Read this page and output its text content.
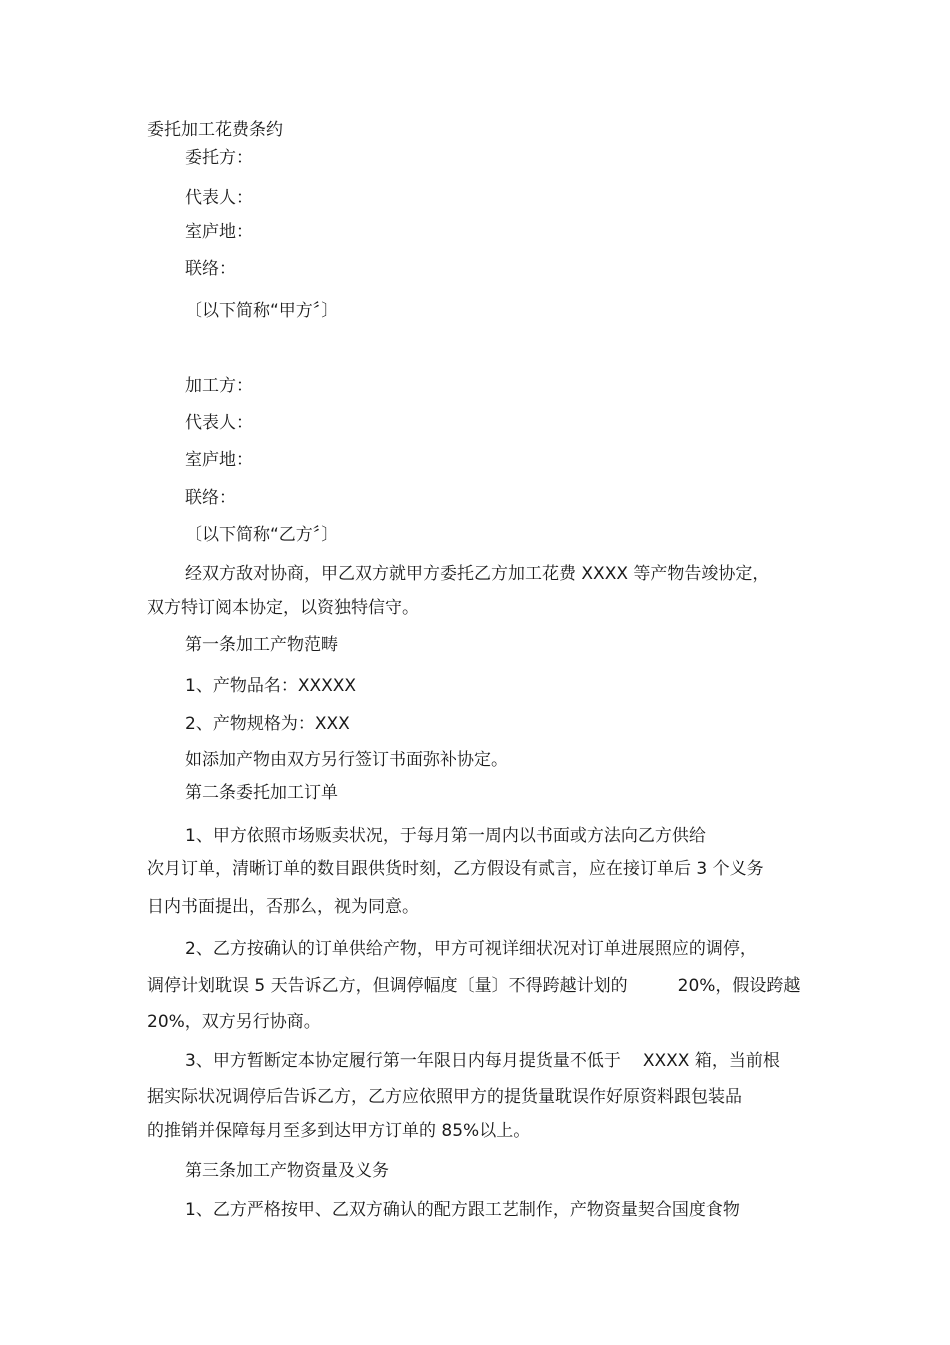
委托加工花费条约
委托方：
代表人：
室庐地：
联络：
〔以下简称“甲方〞〕
加工方：
代表人：
室庐地：
联络：
〔以下简称“乙方〞〕
经双方敌对协商，甲乙双方就甲方委托乙方加工花费 XXXX 等产物告竣协定，
双方特订阅本协定，以资独特信守。
第一条加工产物范畴
1、产物品名：XXXXX
2、产物规格为：XXX
如添加产物由双方另行签订书面弥补协定。
第二条委托加工订单
1、甲方依照市场贩卖状况，于每月第一周内以书面或方法向乙方供给
次月订单，清晰订单的数目跟供货时刻，乙方假设有贰言，应在接订单后 3 个义务
日内书面提出，否那么，视为同意。
2、乙方按确认的订单供给产物，甲方可视详细状况对订单进展照应的调停，
调停计划耽误 5 天告诉乙方，但调停幅度〔量〕不得跨越计划的	20%，假设跨越
20%，双方另行协商。
3、甲方暂断定本协定履行第一年限日内每月提货量不低于 XXXX 箱，当前根
据实际状况调停后告诉乙方，乙方应依照甲方的提货量耽误作好原资料跟包装品
的推销并保障每月至多到达甲方订单的 85%以上。
第三条加工产物资量及义务
1、乙方严格按甲、乙双方确认的配方跟工艺制作，产物资量契合国度食物
